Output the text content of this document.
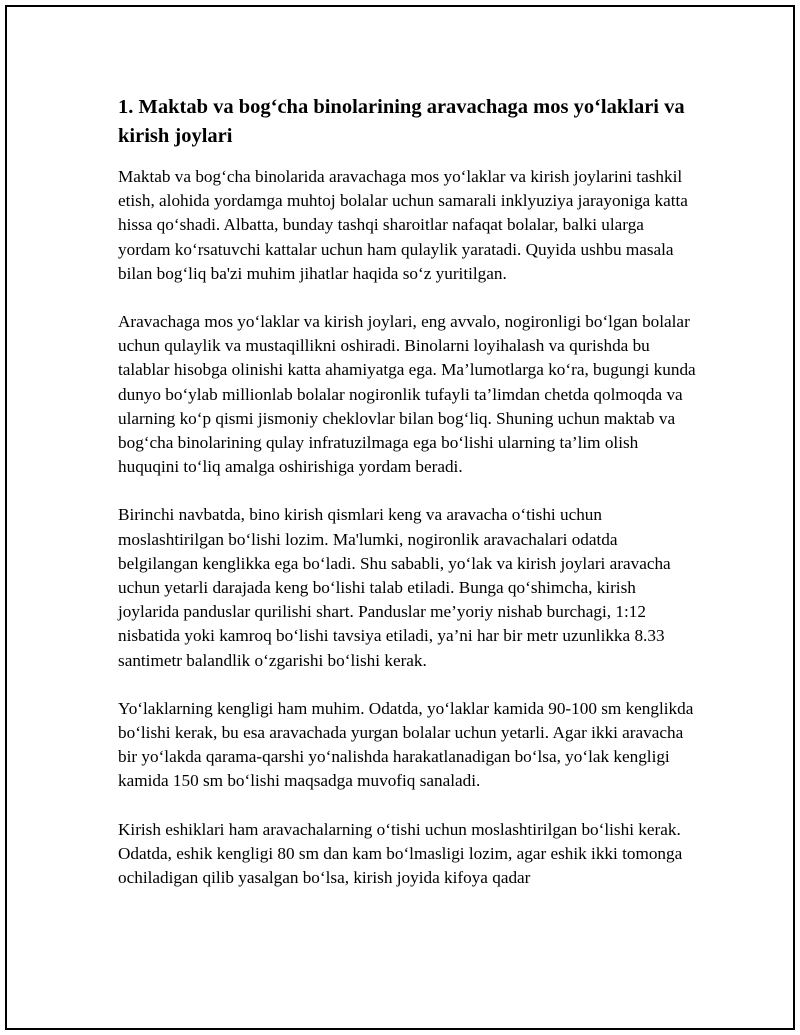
1. Maktab va bog‘cha binolarining aravachaga mos yo‘laklari va kirish joylari

Maktab va bog‘cha binolarida aravachaga mos yo‘laklar va kirish joylarini tashkil etish, alohida yordamga muhtoj bolalar uchun samarali inklyuziya jarayoniga katta hissa qo‘shadi. Albatta, bunday tashqi sharoitlar nafaqat bolalar, balki ularga yordam ko‘rsatuvchi kattalar uchun ham qulaylik yaratadi. Quyida ushbu masala bilan bog‘liq ba'zi muhim jihatlar haqida so‘z yuritilgan.

Aravachaga mos yo‘laklar va kirish joylari, eng avvalo, nogironligi bo‘lgan bolalar uchun qulaylik va mustaqillikni oshiradi. Binolarni loyihalash va qurishda bu talablar hisobga olinishi katta ahamiyatga ega. Ma’lumotlarga ko‘ra, bugungi kunda dunyo bo‘ylab millionlab bolalar nogironlik tufayli ta’limdan chetda qolmoqda va ularning ko‘p qismi jismoniy cheklovlar bilan bog‘liq. Shuning uchun maktab va bog‘cha binolarining qulay infratuzilmaga ega bo‘lishi ularning ta’lim olish huquqini to‘liq amalga oshirishiga yordam beradi.

Birinchi navbatda, bino kirish qismlari keng va aravacha o‘tishi uchun moslashtirilgan bo‘lishi lozim. Ma'lumki, nogironlik aravachalari odatda belgilangan kenglikka ega bo‘ladi. Shu sababli, yo‘lak va kirish joylari aravacha uchun yetarli darajada keng bo‘lishi talab etiladi. Bunga qo‘shimcha, kirish joylarida panduslar qurilishi shart. Panduslar me’yoriy nishab burchagi, 1:12 nisbatida yoki kamroq bo‘lishi tavsiya etiladi, ya’ni har bir metr uzunlikka 8.33 santimetr balandlik o‘zgarishi bo‘lishi kerak.

Yo‘laklarning kengligi ham muhim. Odatda, yo‘laklar kamida 90-100 sm kenglikda bo‘lishi kerak, bu esa aravachada yurgan bolalar uchun yetarli. Agar ikki aravacha bir yo‘lakda qarama-qarshi yo‘nalishda harakatlanadigan bo‘lsa, yo‘lak kengligi kamida 150 sm bo‘lishi maqsadga muvofiq sanaladi.

Kirish eshiklari ham aravachalarning o‘tishi uchun moslashtirilgan bo‘lishi kerak. Odatda, eshik kengligi 80 sm dan kam bo‘lmasligi lozim, agar eshik ikki tomonga ochiladigan qilib yasalgan bo‘lsa, kirish joyida kifoya qadar
